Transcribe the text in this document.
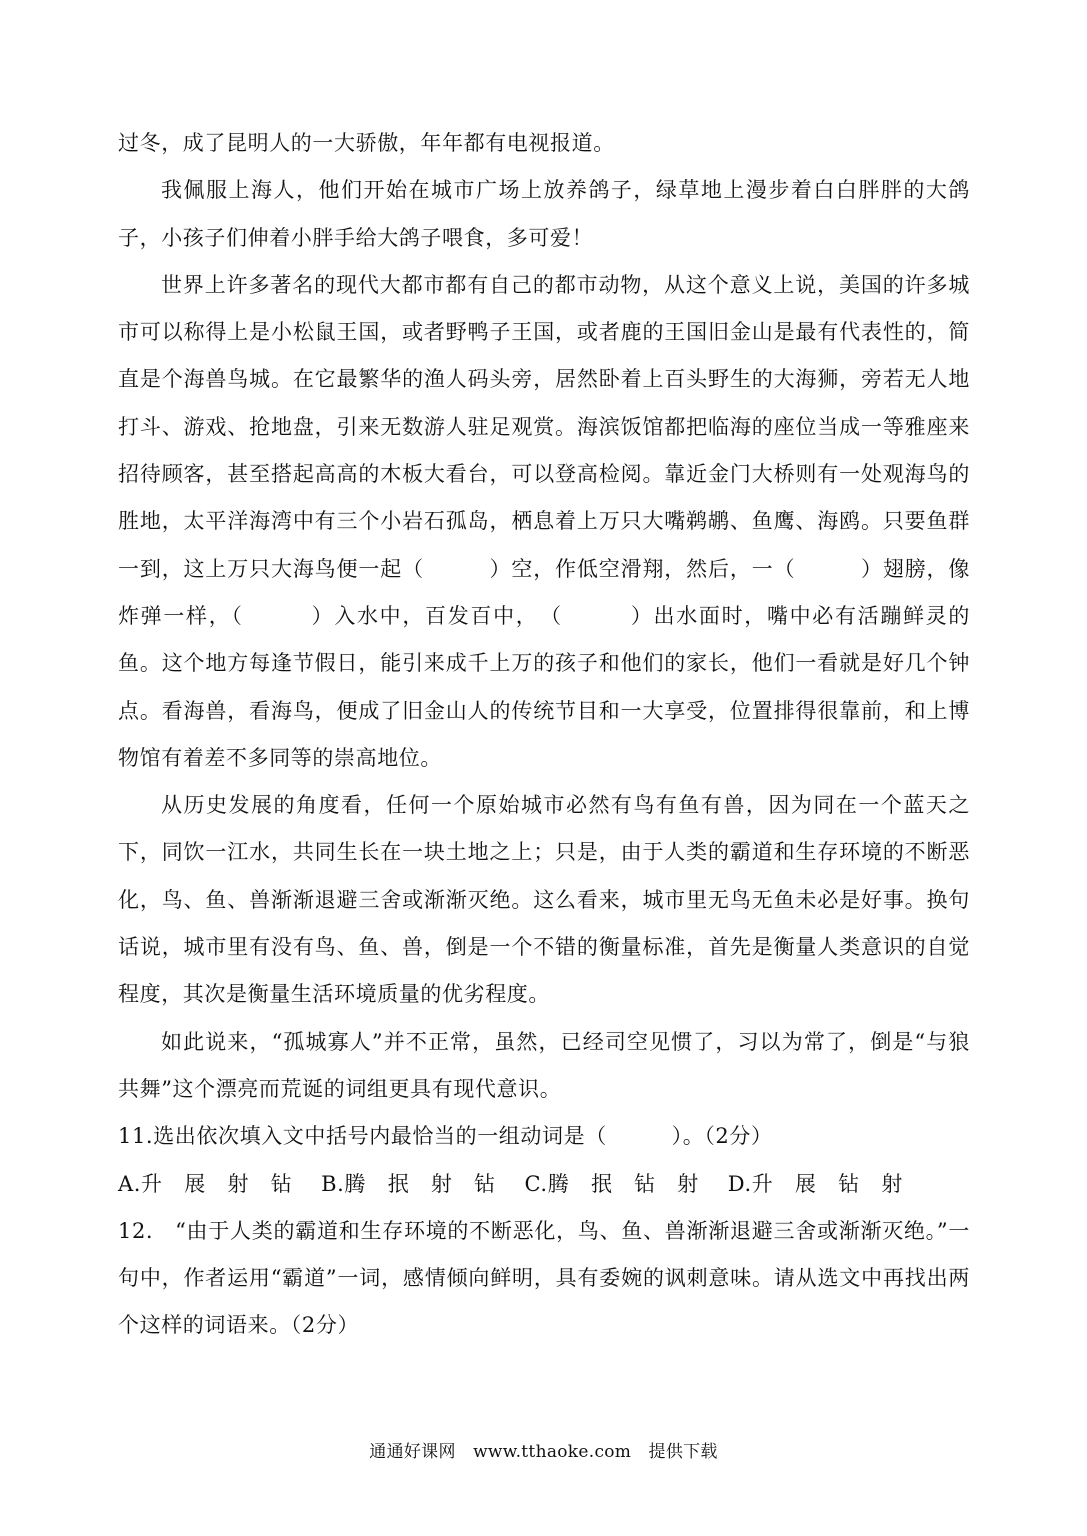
过冬，成了昆明人的一大骄傲，年年都有电视报道。

我佩服上海人，他们开始在城市广场上放养鸽子，绿草地上漫步着白白胖胖的大鸽子，小孩子们伸着小胖手给大鸽子喂食，多可爱！

世界上许多著名的现代大都市都有自己的都市动物，从这个意义上说，美国的许多城市可以称得上是小松鼠王国，或者野鸭子王国，或者鹿的王国旧金山是最有代表性的，简直是个海兽鸟城。在它最繁华的渔人码头旁，居然卧着上百头野生的大海狮，旁若无人地打斗、游戏、抢地盘，引来无数游人驻足观赏。海滨饭馆都把临海的座位当成一等雅座来招待顾客，甚至搭起高高的木板大看台，可以登高检阅。靠近金门大桥则有一处观海鸟的胜地，太平洋海湾中有三个小岩石孤岛，栖息着上万只大嘴鹈鹕、鱼鹰、海鸥。只要鱼群一到，这上万只大海鸟便一起（　　　）空，作低空滑翔，然后，一（　　　）翅膀，像炸弹一样，（　　　）入水中，百发百中，　（　　　）出水面时，嘴中必有活蹦鲜灵的鱼。这个地方每逢节假日，能引来成千上万的孩子和他们的家长，他们一看就是好几个钟点。看海兽，看海鸟，便成了旧金山人的传统节目和一大享受，位置排得很靠前，和上博物馆有着差不多同等的崇高地位。

从历史发展的角度看，任何一个原始城市必然有鸟有鱼有兽，因为同在一个蓝天之下，同饮一江水，共同生长在一块土地之上；只是，由于人类的霸道和生存环境的不断恶化，鸟、鱼、兽渐渐退避三舍或渐渐灭绝。这么看来，城市里无鸟无鱼未必是好事。换句话说，城市里有没有鸟、鱼、兽，倒是一个不错的衡量标准，首先是衡量人类意识的自觉程度，其次是衡量生活环境质量的优劣程度。

如此说来，“孤城寡人”并不正常，虽然，已经司空见惯了，习以为常了，倒是“与狼共舞”这个漂亮而荒诞的词组更具有现代意识。

11.选出依次填入文中括号内最恰当的一组动词是（　　　）。（2分）

A.升　展　射　钻　 B.腾　抿　射　钻　 C.腾　抿　钻　射　 D.升　展　钻　射

12.　“由于人类的霸道和生存环境的不断恶化，鸟、鱼、兽渐渐退避三舍或渐渐灭绝。”一句中，作者运用“霸道”一词，感情倾向鲜明，具有委婉的讽刺意味。请从选文中再找出两个这样的词语来。（2分）

通通好课网　www.tthaoke.com　提供下载
